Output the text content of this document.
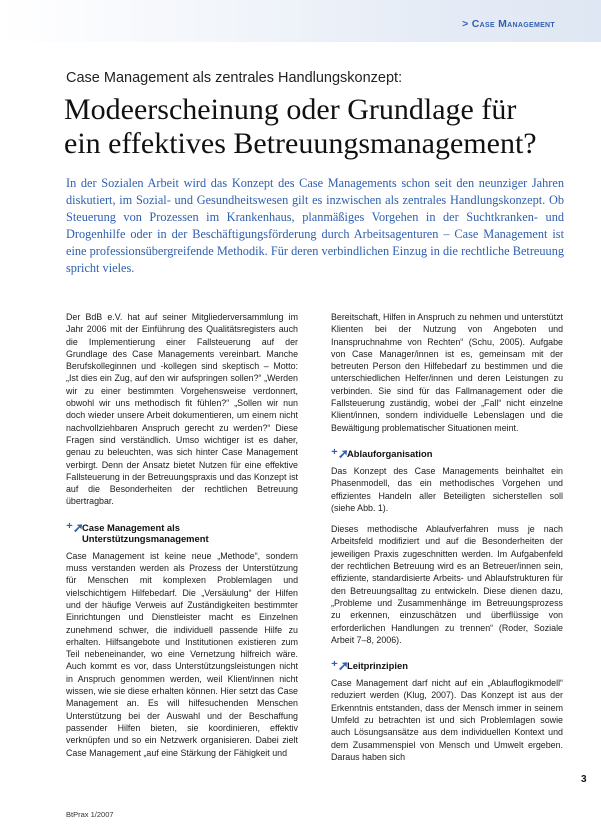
> Case Management
Case Management als zentrales Handlungskonzept:
Modeerscheinung oder Grundlage für
ein effektives Betreuungsmanagement?
In der Sozialen Arbeit wird das Konzept des Case Managements schon seit den neunziger Jahren diskutiert, im Sozial- und Gesundheitswesen gilt es inzwischen als zentrales Handlungskonzept. Ob Steuerung von Prozessen im Krankenhaus, planmäßiges Vorgehen in der Suchtkranken- und Drogenhilfe oder in der Beschäftigungsförderung durch Arbeitsagenturen – Case Management ist eine professionsübergreifende Methodik. Für deren verbindlichen Einzug in die rechtliche Betreuung spricht vieles.

Der BdB e.V. hat auf seiner Mitgliederversammlung im Jahr 2006 mit der Einführung des Qualitätsregisters auch die Implementierung einer Fallsteuerung auf der Grundlage des Case Managements vereinbart. Manche Berufskolleginnen und -kollegen sind skeptisch – Motto: „Ist dies ein Zug, auf den wir aufspringen sollen?“ „Werden wir zu einer bestimmten Vorgehensweise verdonnert, obwohl wir uns methodisch fit fühlen?“ „Sollen wir nun doch wieder unsere Arbeit dokumentieren, um einem nicht nachvollziehbaren Anspruch gerecht zu werden?“ Diese Fragen sind verständlich. Umso wichtiger ist es daher, genau zu beleuchten, was sich hinter Case Management verbirgt. Denn der Ansatz bietet Nutzen für eine effektive Fallsteuerung in der Betreuungspraxis und das Konzept ist auf die Besonderheiten der rechtlichen Betreuung übertragbar.

⁺➚
Case Management als Unterstützungsmanagement

Case Management ist keine neue „Methode“, sondern muss verstanden werden als Prozess der Unterstützung für Menschen mit komplexen Problemlagen und vielschichtigem Hilfebedarf. Die „Versäulung“ der Hilfen und der häufige Verweis auf Zuständigkeiten bestimmter Einrichtungen und Dienstleister macht es Einzelnen zunehmend schwer, die individuell passende Hilfe zu erhalten. Hilfsangebote und Institutionen existieren zum Teil nebeneinander, wo eine Vernetzung hilfreich wäre. Auch kommt es vor, dass Unterstützungsleistungen nicht in Anspruch genommen werden, weil Klient/innen nicht wissen, wie sie diese erhalten können. Hier setzt das Case Management an. Es will hilfesuchenden Menschen Unterstützung bei der Auswahl und der Beschaffung passender Hilfen bieten, sie koordinieren, effektiv verknüpfen und so ein Netzwerk organisieren. Dabei zielt Case Management „auf eine Stärkung der Fähigkeit und

Bereitschaft, Hilfen in Anspruch zu nehmen und unterstützt Klienten bei der Nutzung von Angeboten und Inanspruchnahme von Rechten“ (Schu, 2005). Aufgabe von Case Manager/innen ist es, gemeinsam mit der betreuten Person den Hilfebedarf zu bestimmen und die unterschiedlichen Helfer/innen und deren Leistungen zu verbinden. Sie sind für das Fallmanagement oder die Fallsteuerung zuständig, wobei der „Fall“ nicht einzelne Klient/innen, sondern individuelle Lebenslagen und die Bewältigung problematischer Situationen meint.

⁺➚
Ablauforganisation

Das Konzept des Case Managements beinhaltet ein Phasenmodell, das ein methodisches Vorgehen und effizientes Handeln aller Beteiligten sicherstellen soll (siehe Abb. 1).

Dieses methodische Ablaufverfahren muss je nach Arbeitsfeld modifiziert und auf die Besonderheiten der jeweiligen Praxis zugeschnitten werden. Im Aufgabenfeld der rechtlichen Betreuung wird es an Betreuer/innen sein, effiziente, standardisierte Arbeits- und Ablaufstrukturen für den Betreuungsalltag zu entwickeln. Diese dienen dazu, „Probleme und Zusammenhänge im Betreuungsprozess zu erkennen, einzuschätzen und überflüssige von erforderlichen Handlungen zu trennen“ (Roder, Soziale Arbeit 7–8, 2006).

⁺➚
Leitprinzipien

Case Management darf nicht auf ein „Ablauflogikmodell“ reduziert werden (Klug, 2007). Das Konzept ist aus der Erkenntnis entstanden, dass der Mensch immer in seinem Umfeld zu betrachten ist und sich Problemlagen sowie auch Lösungsansätze aus dem individuellen Kontext und dem Zusammenspiel von Mensch und Umwelt ergeben. Daraus haben sich

BtPrax 1/2007
3
